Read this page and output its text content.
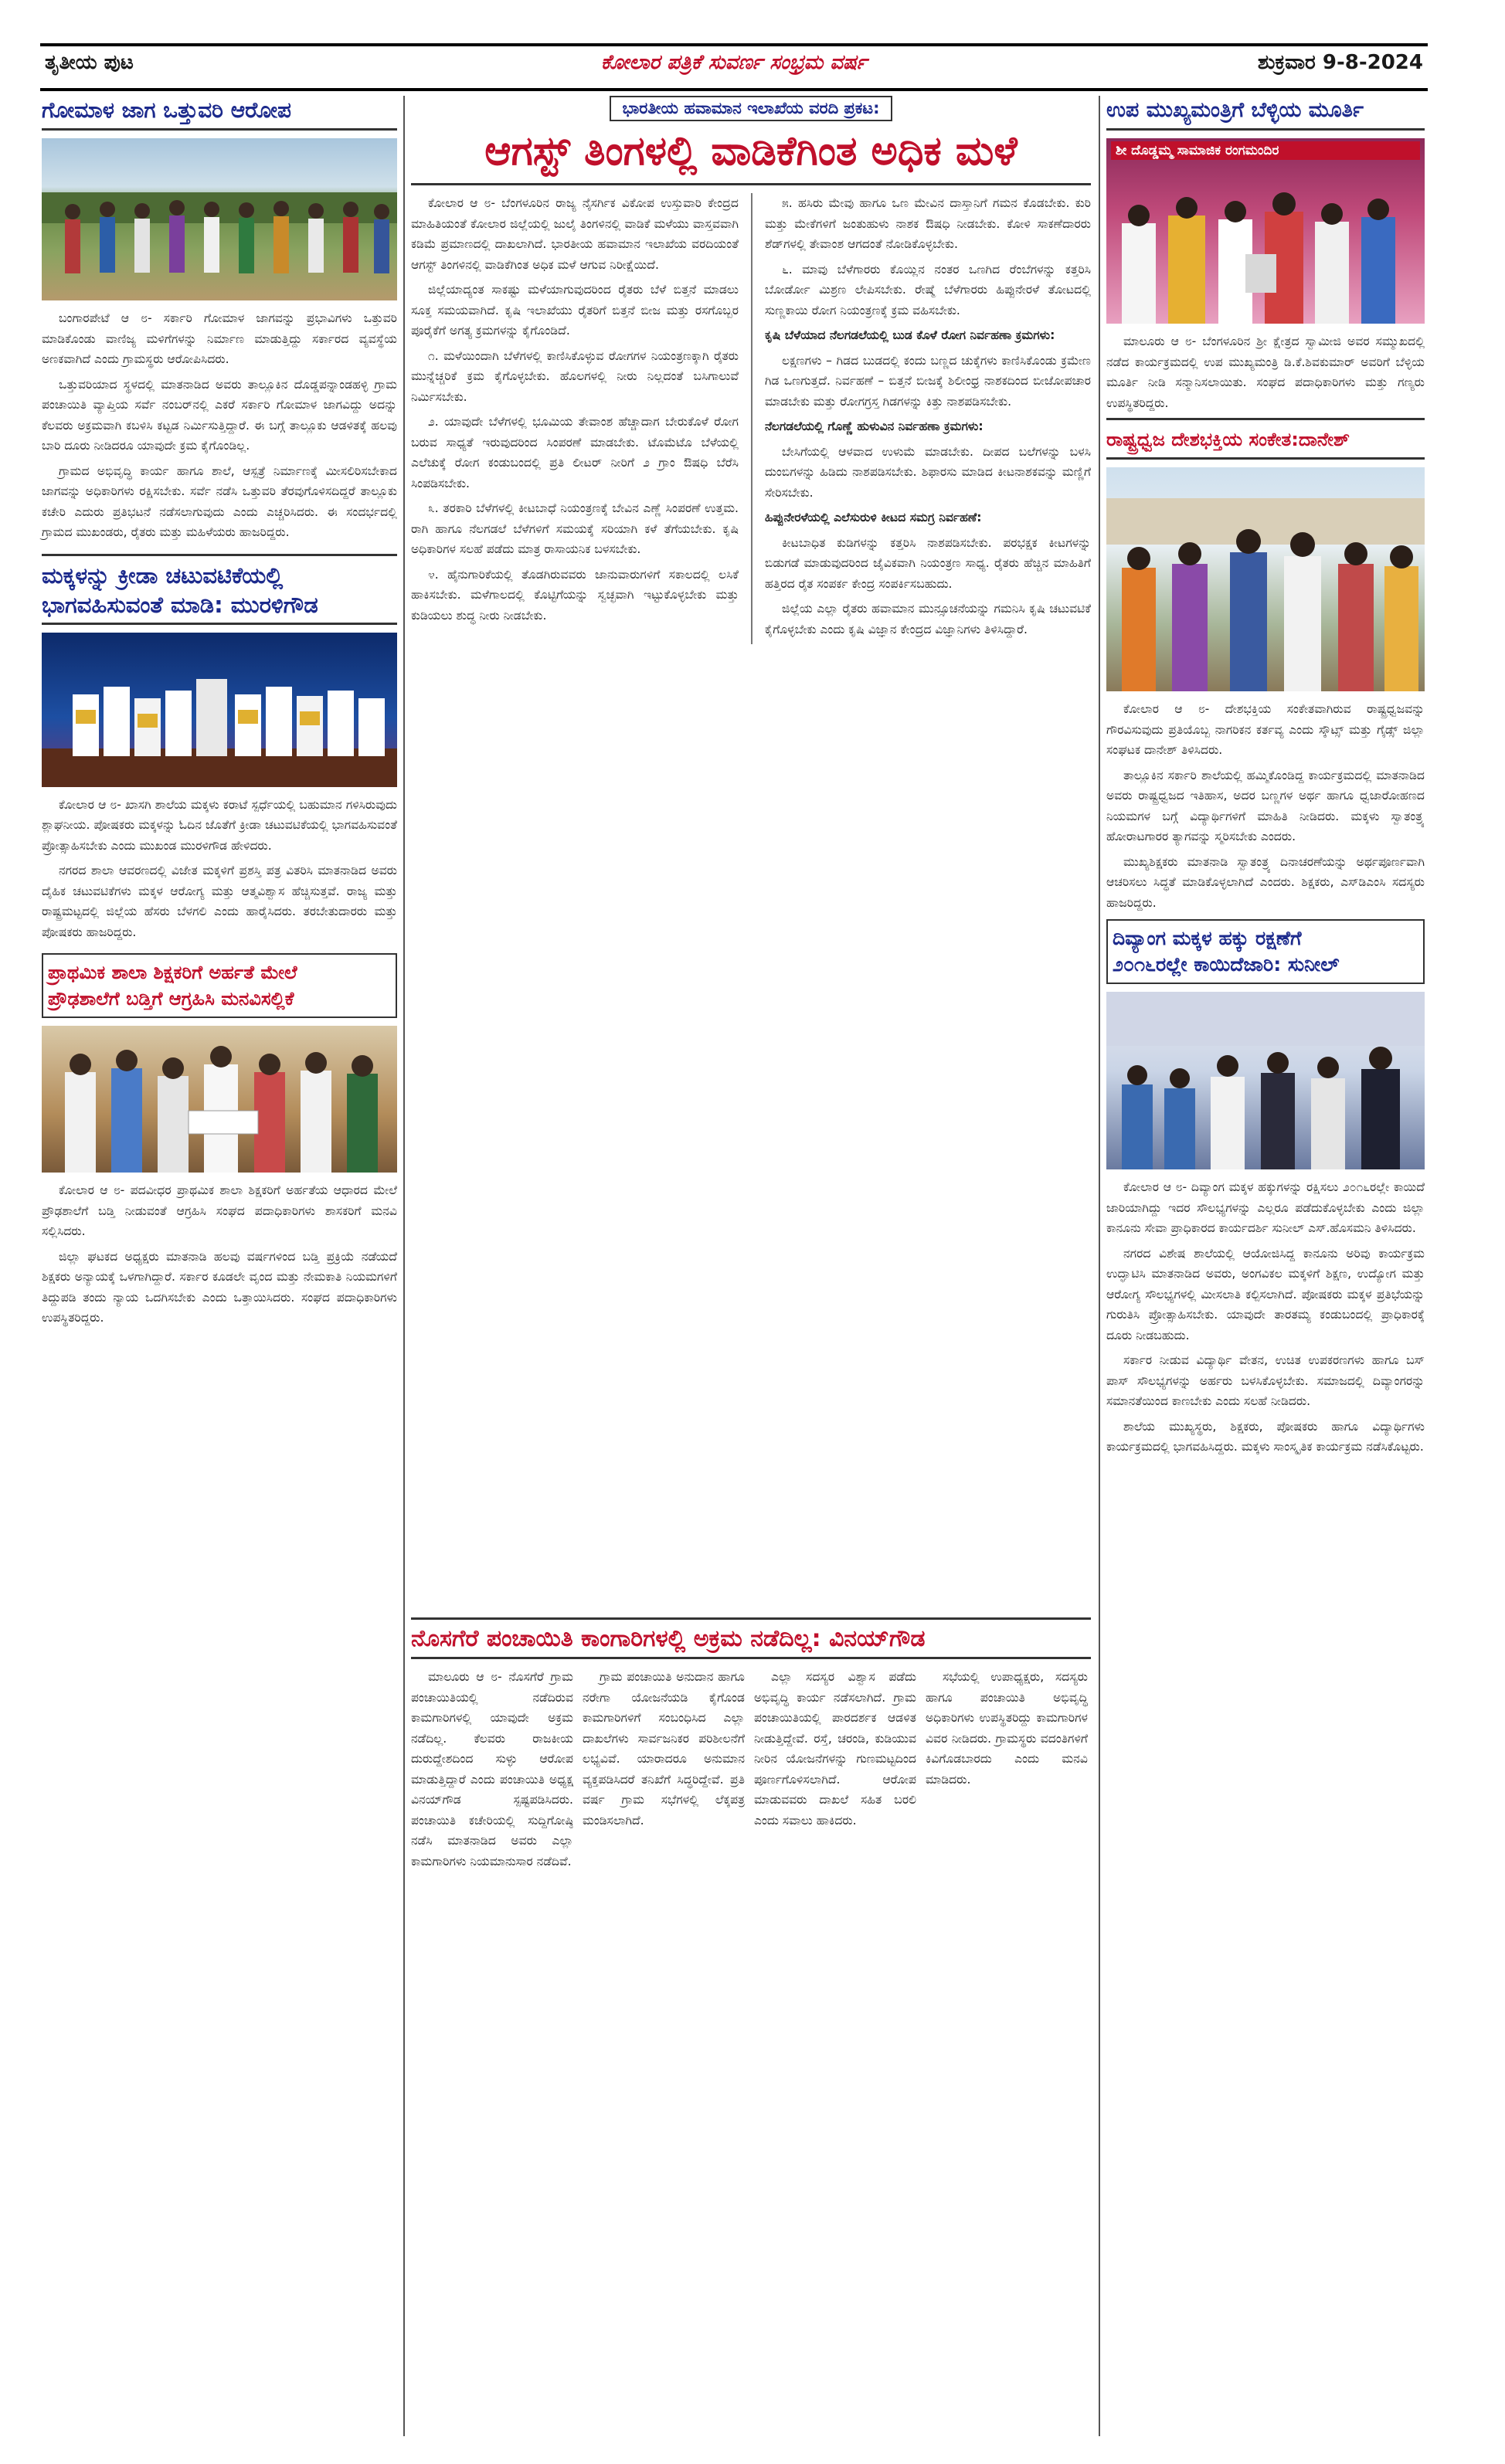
ತೃತೀಯ ಪುಟ	ಕೋಲಾರ ಪತ್ರಿಕೆ ಸುವರ್ಣ ಸಂಭ್ರಮ ವರ್ಷ	ಶುಕ್ರವಾರ 9-8-2024
ಗೋಮಾಳ ಜಾಗ ಒತ್ತುವರಿ ಆರೋಪ

ಬಂಗಾರಪೇಟೆ ಆ ೮- ಸರ್ಕಾರಿ ಗೋಮಾಳ ಜಾಗವನ್ನು ಪ್ರಭಾವಿಗಳು ಒತ್ತುವರಿ ಮಾಡಿಕೊಂಡು ವಾಣಿಜ್ಯ ಮಳಿಗೆಗಳನ್ನು ನಿರ್ಮಾಣ ಮಾಡುತ್ತಿದ್ದು ಸರ್ಕಾರದ ವ್ಯವಸ್ಥೆಯ ಅಣಕವಾಗಿದೆ ಎಂದು ಗ್ರಾಮಸ್ಥರು ಆರೋಪಿಸಿದರು.

ಒತ್ತುವರಿಯಾದ ಸ್ಥಳದಲ್ಲಿ ಮಾತನಾಡಿದ ಅವರು ತಾಲ್ಲೂಕಿನ ದೊಡ್ಡಪನ್ನಾಂಡಹಳ್ಳಿ ಗ್ರಾಮ ಪಂಚಾಯಿತಿ ವ್ಯಾಪ್ತಿಯ ಸರ್ವೆ ನಂಬರ್‌ನಲ್ಲಿ ಎಕರೆ ಸರ್ಕಾರಿ ಗೋಮಾಳ ಜಾಗವಿದ್ದು ಅದನ್ನು ಕೆಲವರು ಅಕ್ರಮವಾಗಿ ಕಬಳಿಸಿ ಕಟ್ಟಡ ನಿರ್ಮಿಸುತ್ತಿದ್ದಾರೆ. ಈ ಬಗ್ಗೆ ತಾಲ್ಲೂಕು ಆಡಳಿತಕ್ಕೆ ಹಲವು ಬಾರಿ ದೂರು ನೀಡಿದರೂ ಯಾವುದೇ ಕ್ರಮ ಕೈಗೊಂಡಿಲ್ಲ.

ಗ್ರಾಮದ ಅಭಿವೃದ್ಧಿ ಕಾರ್ಯ ಹಾಗೂ ಶಾಲೆ, ಆಸ್ಪತ್ರೆ ನಿರ್ಮಾಣಕ್ಕೆ ಮೀಸಲಿರಿಸಬೇಕಾದ ಜಾಗವನ್ನು ಅಧಿಕಾರಿಗಳು ರಕ್ಷಿಸಬೇಕು. ಸರ್ವೆ ನಡೆಸಿ ಒತ್ತುವರಿ ತೆರವುಗೊಳಿಸದಿದ್ದರೆ ತಾಲ್ಲೂಕು ಕಚೇರಿ ಎದುರು ಪ್ರತಿಭಟನೆ ನಡೆಸಲಾಗುವುದು ಎಂದು ಎಚ್ಚರಿಸಿದರು. ಈ ಸಂದರ್ಭದಲ್ಲಿ ಗ್ರಾಮದ ಮುಖಂಡರು, ರೈತರು ಮತ್ತು ಮಹಿಳೆಯರು ಹಾಜರಿದ್ದರು.

ಮಕ್ಕಳನ್ನು ಕ್ರೀಡಾ ಚಟುವಟಿಕೆಯಲ್ಲಿ ಭಾಗವಹಿಸುವಂತೆ ಮಾಡಿ: ಮುರಳಿಗೌಡ

ಕೋಲಾರ ಆ ೮- ಖಾಸಗಿ ಶಾಲೆಯ ಮಕ್ಕಳು ಕರಾಟೆ ಸ್ಪರ್ಧೆಯಲ್ಲಿ ಬಹುಮಾನ ಗಳಿಸಿರುವುದು ಶ್ಲಾಘನೀಯ. ಪೋಷಕರು ಮಕ್ಕಳನ್ನು ಓದಿನ ಜೊತೆಗೆ ಕ್ರೀಡಾ ಚಟುವಟಿಕೆಯಲ್ಲಿ ಭಾಗವಹಿಸುವಂತೆ ಪ್ರೋತ್ಸಾಹಿಸಬೇಕು ಎಂದು ಮುಖಂಡ ಮುರಳಿಗೌಡ ಹೇಳಿದರು.

ನಗರದ ಶಾಲಾ ಆವರಣದಲ್ಲಿ ವಿಜೇತ ಮಕ್ಕಳಿಗೆ ಪ್ರಶಸ್ತಿ ಪತ್ರ ವಿತರಿಸಿ ಮಾತನಾಡಿದ ಅವರು ದೈಹಿಕ ಚಟುವಟಿಕೆಗಳು ಮಕ್ಕಳ ಆರೋಗ್ಯ ಮತ್ತು ಆತ್ಮವಿಶ್ವಾಸ ಹೆಚ್ಚಿಸುತ್ತವೆ. ರಾಜ್ಯ ಮತ್ತು ರಾಷ್ಟ್ರಮಟ್ಟದಲ್ಲಿ ಜಿಲ್ಲೆಯ ಹೆಸರು ಬೆಳಗಲಿ ಎಂದು ಹಾರೈಸಿದರು. ತರಬೇತುದಾರರು ಮತ್ತು ಪೋಷಕರು ಹಾಜರಿದ್ದರು.

ಪ್ರಾಥಮಿಕ ಶಾಲಾ ಶಿಕ್ಷಕರಿಗೆ ಅರ್ಹತೆ ಮೇಲೆ
ಪ್ರೌಢಶಾಲೆಗೆ ಬಡ್ತಿಗೆ ಆಗ್ರಹಿಸಿ ಮನವಿಸಲ್ಲಿಕೆ

ಕೋಲಾರ ಆ ೮- ಪದವೀಧರ ಪ್ರಾಥಮಿಕ ಶಾಲಾ ಶಿಕ್ಷಕರಿಗೆ ಅರ್ಹತೆಯ ಆಧಾರದ ಮೇಲೆ ಪ್ರೌಢಶಾಲೆಗೆ ಬಡ್ತಿ ನೀಡುವಂತೆ ಆಗ್ರಹಿಸಿ ಸಂಘದ ಪದಾಧಿಕಾರಿಗಳು ಶಾಸಕರಿಗೆ ಮನವಿ ಸಲ್ಲಿಸಿದರು.

ಜಿಲ್ಲಾ ಘಟಕದ ಅಧ್ಯಕ್ಷರು ಮಾತನಾಡಿ ಹಲವು ವರ್ಷಗಳಿಂದ ಬಡ್ತಿ ಪ್ರಕ್ರಿಯೆ ನಡೆಯದೆ ಶಿಕ್ಷಕರು ಅನ್ಯಾಯಕ್ಕೆ ಒಳಗಾಗಿದ್ದಾರೆ. ಸರ್ಕಾರ ಕೂಡಲೇ ವೃಂದ ಮತ್ತು ನೇಮಕಾತಿ ನಿಯಮಗಳಿಗೆ ತಿದ್ದುಪಡಿ ತಂದು ನ್ಯಾಯ ಒದಗಿಸಬೇಕು ಎಂದು ಒತ್ತಾಯಿಸಿದರು. ಸಂಘದ ಪದಾಧಿಕಾರಿಗಳು ಉಪಸ್ಥಿತರಿದ್ದರು.

ಭಾರತೀಯ ಹವಾಮಾನ ಇಲಾಖೆಯ ವರದಿ ಪ್ರಕಟ:
ಆಗಸ್ಟ್ ತಿಂಗಳಲ್ಲಿ ವಾಡಿಕೆಗಿಂತ ಅಧಿಕ ಮಳೆ

ಕೋಲಾರ ಆ ೮- ಬೆಂಗಳೂರಿನ ರಾಜ್ಯ ನೈಸರ್ಗಿಕ ವಿಕೋಪ ಉಸ್ತುವಾರಿ ಕೇಂದ್ರದ ಮಾಹಿತಿಯಂತೆ ಕೋಲಾರ ಜಿಲ್ಲೆಯಲ್ಲಿ ಜುಲೈ ತಿಂಗಳಿನಲ್ಲಿ ವಾಡಿಕೆ ಮಳೆಯು ವಾಸ್ತವವಾಗಿ ಕಡಿಮೆ ಪ್ರಮಾಣದಲ್ಲಿ ದಾಖಲಾಗಿದೆ. ಭಾರತೀಯ ಹವಾಮಾನ ಇಲಾಖೆಯ ವರದಿಯಂತೆ ಆಗಸ್ಟ್ ತಿಂಗಳಿನಲ್ಲಿ ವಾಡಿಕೆಗಿಂತ ಅಧಿಕ ಮಳೆ ಆಗುವ ನಿರೀಕ್ಷೆಯಿದೆ.

ಜಿಲ್ಲೆಯಾದ್ಯಂತ ಸಾಕಷ್ಟು ಮಳೆಯಾಗುವುದರಿಂದ ರೈತರು ಬೆಳೆ ಬಿತ್ತನೆ ಮಾಡಲು ಸೂಕ್ತ ಸಮಯವಾಗಿದೆ. ಕೃಷಿ ಇಲಾಖೆಯು ರೈತರಿಗೆ ಬಿತ್ತನೆ ಬೀಜ ಮತ್ತು ರಸಗೊಬ್ಬರ ಪೂರೈಕೆಗೆ ಅಗತ್ಯ ಕ್ರಮಗಳನ್ನು ಕೈಗೊಂಡಿದೆ.

೧. ಮಳೆಯಿಂದಾಗಿ ಬೆಳೆಗಳಲ್ಲಿ ಕಾಣಿಸಿಕೊಳ್ಳುವ ರೋಗಗಳ ನಿಯಂತ್ರಣಕ್ಕಾಗಿ ರೈತರು ಮುನ್ನೆಚ್ಚರಿಕೆ ಕ್ರಮ ಕೈಗೊಳ್ಳಬೇಕು. ಹೊಲಗಳಲ್ಲಿ ನೀರು ನಿಲ್ಲದಂತೆ ಬಸಿಗಾಲುವೆ ನಿರ್ಮಿಸಬೇಕು.

೨. ಯಾವುದೇ ಬೆಳೆಗಳಲ್ಲಿ ಭೂಮಿಯ ತೇವಾಂಶ ಹೆಚ್ಚಾದಾಗ ಬೇರುಕೊಳೆ ರೋಗ ಬರುವ ಸಾಧ್ಯತೆ ಇರುವುದರಿಂದ ಸಿಂಪರಣೆ ಮಾಡಬೇಕು. ಟೊಮೆಟೊ ಬೆಳೆಯಲ್ಲಿ ಎಲೆಚುಕ್ಕೆ ರೋಗ ಕಂಡುಬಂದಲ್ಲಿ ಪ್ರತಿ ಲೀಟರ್ ನೀರಿಗೆ ೨ ಗ್ರಾಂ ಔಷಧಿ ಬೆರೆಸಿ ಸಿಂಪಡಿಸಬೇಕು.

೩. ತರಕಾರಿ ಬೆಳೆಗಳಲ್ಲಿ ಕೀಟಬಾಧೆ ನಿಯಂತ್ರಣಕ್ಕೆ ಬೇವಿನ ಎಣ್ಣೆ ಸಿಂಪರಣೆ ಉತ್ತಮ. ರಾಗಿ ಹಾಗೂ ನೆಲಗಡಲೆ ಬೆಳೆಗಳಿಗೆ ಸಮಯಕ್ಕೆ ಸರಿಯಾಗಿ ಕಳೆ ತೆಗೆಯಬೇಕು. ಕೃಷಿ ಅಧಿಕಾರಿಗಳ ಸಲಹೆ ಪಡೆದು ಮಾತ್ರ ರಾಸಾಯನಿಕ ಬಳಸಬೇಕು.

೪. ಹೈನುಗಾರಿಕೆಯಲ್ಲಿ ತೊಡಗಿರುವವರು ಜಾನುವಾರುಗಳಿಗೆ ಸಕಾಲದಲ್ಲಿ ಲಸಿಕೆ ಹಾಕಿಸಬೇಕು. ಮಳೆಗಾಲದಲ್ಲಿ ಕೊಟ್ಟಿಗೆಯನ್ನು ಸ್ವಚ್ಛವಾಗಿ ಇಟ್ಟುಕೊಳ್ಳಬೇಕು ಮತ್ತು ಕುಡಿಯಲು ಶುದ್ಧ ನೀರು ನೀಡಬೇಕು.

೫. ಹಸಿರು ಮೇವು ಹಾಗೂ ಒಣ ಮೇವಿನ ದಾಸ್ತಾನಿಗೆ ಗಮನ ಕೊಡಬೇಕು. ಕುರಿ ಮತ್ತು ಮೇಕೆಗಳಿಗೆ ಜಂತುಹುಳು ನಾಶಕ ಔಷಧಿ ನೀಡಬೇಕು. ಕೋಳಿ ಸಾಕಣೆದಾರರು ಶೆಡ್‌ಗಳಲ್ಲಿ ತೇವಾಂಶ ಆಗದಂತೆ ನೋಡಿಕೊಳ್ಳಬೇಕು.

೬. ಮಾವು ಬೆಳೆಗಾರರು ಕೊಯ್ಲಿನ ನಂತರ ಒಣಗಿದ ರೆಂಬೆಗಳನ್ನು ಕತ್ತರಿಸಿ ಬೋರ್ಡೋ ಮಿಶ್ರಣ ಲೇಪಿಸಬೇಕು. ರೇಷ್ಮೆ ಬೆಳೆಗಾರರು ಹಿಪ್ಪುನೇರಳೆ ತೋಟದಲ್ಲಿ ಸುಣ್ಣಕಾಯಿ ರೋಗ ನಿಯಂತ್ರಣಕ್ಕೆ ಕ್ರಮ ವಹಿಸಬೇಕು.

ಕೃಷಿ ಬೆಳೆಯಾದ ನೆಲಗಡಲೆಯಲ್ಲಿ ಬುಡ ಕೊಳೆ ರೋಗ ನಿರ್ವಹಣಾ ಕ್ರಮಗಳು:

ಲಕ್ಷಣಗಳು – ಗಿಡದ ಬುಡದಲ್ಲಿ ಕಂದು ಬಣ್ಣದ ಚುಕ್ಕೆಗಳು ಕಾಣಿಸಿಕೊಂಡು ಕ್ರಮೇಣ ಗಿಡ ಒಣಗುತ್ತದೆ. ನಿರ್ವಹಣೆ – ಬಿತ್ತನೆ ಬೀಜಕ್ಕೆ ಶಿಲೀಂಧ್ರ ನಾಶಕದಿಂದ ಬೀಜೋಪಚಾರ ಮಾಡಬೇಕು ಮತ್ತು ರೋಗಗ್ರಸ್ತ ಗಿಡಗಳನ್ನು ಕಿತ್ತು ನಾಶಪಡಿಸಬೇಕು.

ನೆಲಗಡಲೆಯಲ್ಲಿ ಗೊಣ್ಣೆ ಹುಳುವಿನ ನಿರ್ವಹಣಾ ಕ್ರಮಗಳು:

ಬೇಸಿಗೆಯಲ್ಲಿ ಆಳವಾದ ಉಳುಮೆ ಮಾಡಬೇಕು. ದೀಪದ ಬಲೆಗಳನ್ನು ಬಳಸಿ ದುಂಬಿಗಳನ್ನು ಹಿಡಿದು ನಾಶಪಡಿಸಬೇಕು. ಶಿಫಾರಸು ಮಾಡಿದ ಕೀಟನಾಶಕವನ್ನು ಮಣ್ಣಿಗೆ ಸೇರಿಸಬೇಕು.

ಹಿಪ್ಪುನೇರಳೆಯಲ್ಲಿ ಎಲೆಸುರುಳಿ ಕೀಟದ ಸಮಗ್ರ ನಿರ್ವಹಣೆ:

ಕೀಟಬಾಧಿತ ಕುಡಿಗಳನ್ನು ಕತ್ತರಿಸಿ ನಾಶಪಡಿಸಬೇಕು. ಪರಭಕ್ಷಕ ಕೀಟಗಳನ್ನು ಬಿಡುಗಡೆ ಮಾಡುವುದರಿಂದ ಜೈವಿಕವಾಗಿ ನಿಯಂತ್ರಣ ಸಾಧ್ಯ. ರೈತರು ಹೆಚ್ಚಿನ ಮಾಹಿತಿಗೆ ಹತ್ತಿರದ ರೈತ ಸಂಪರ್ಕ ಕೇಂದ್ರ ಸಂಪರ್ಕಿಸಬಹುದು.

ಜಿಲ್ಲೆಯ ಎಲ್ಲಾ ರೈತರು ಹವಾಮಾನ ಮುನ್ಸೂಚನೆಯನ್ನು ಗಮನಿಸಿ ಕೃಷಿ ಚಟುವಟಿಕೆ ಕೈಗೊಳ್ಳಬೇಕು ಎಂದು ಕೃಷಿ ವಿಜ್ಞಾನ ಕೇಂದ್ರದ ವಿಜ್ಞಾನಿಗಳು ತಿಳಿಸಿದ್ದಾರೆ.

ನೊಸಗೆರೆ ಪಂಚಾಯಿತಿ ಕಾಂಗಾರಿಗಳಲ್ಲಿ ಅಕ್ರಮ ನಡೆದಿಲ್ಲ: ವಿನಯ್‌ಗೌಡ

ಮಾಲೂರು ಆ ೮- ನೊಸಗೆರೆ ಗ್ರಾಮ ಪಂಚಾಯಿತಿಯಲ್ಲಿ ನಡೆದಿರುವ ಕಾಮಗಾರಿಗಳಲ್ಲಿ ಯಾವುದೇ ಅಕ್ರಮ ನಡೆದಿಲ್ಲ. ಕೆಲವರು ರಾಜಕೀಯ ದುರುದ್ದೇಶದಿಂದ ಸುಳ್ಳು ಆರೋಪ ಮಾಡುತ್ತಿದ್ದಾರೆ ಎಂದು ಪಂಚಾಯಿತಿ ಅಧ್ಯಕ್ಷ ವಿನಯ್‌ಗೌಡ ಸ್ಪಷ್ಟಪಡಿಸಿದರು. ಪಂಚಾಯಿತಿ ಕಚೇರಿಯಲ್ಲಿ ಸುದ್ದಿಗೋಷ್ಠಿ ನಡೆಸಿ ಮಾತನಾಡಿದ ಅವರು ಎಲ್ಲಾ ಕಾಮಗಾರಿಗಳು ನಿಯಮಾನುಸಾರ ನಡೆದಿವೆ.

ಗ್ರಾಮ ಪಂಚಾಯಿತಿ ಅನುದಾನ ಹಾಗೂ ನರೇಗಾ ಯೋಜನೆಯಡಿ ಕೈಗೊಂಡ ಕಾಮಗಾರಿಗಳಿಗೆ ಸಂಬಂಧಿಸಿದ ಎಲ್ಲಾ ದಾಖಲೆಗಳು ಸಾರ್ವಜನಿಕರ ಪರಿಶೀಲನೆಗೆ ಲಭ್ಯವಿವೆ. ಯಾರಾದರೂ ಅನುಮಾನ ವ್ಯಕ್ತಪಡಿಸಿದರೆ ತನಿಖೆಗೆ ಸಿದ್ಧರಿದ್ದೇವೆ. ಪ್ರತಿ ವರ್ಷ ಗ್ರಾಮ ಸಭೆಗಳಲ್ಲಿ ಲೆಕ್ಕಪತ್ರ ಮಂಡಿಸಲಾಗಿದೆ.

ಎಲ್ಲಾ ಸದಸ್ಯರ ವಿಶ್ವಾಸ ಪಡೆದು ಅಭಿವೃದ್ಧಿ ಕಾರ್ಯ ನಡೆಸಲಾಗಿದೆ. ಗ್ರಾಮ ಪಂಚಾಯಿತಿಯಲ್ಲಿ ಪಾರದರ್ಶಕ ಆಡಳಿತ ನೀಡುತ್ತಿದ್ದೇವೆ. ರಸ್ತೆ, ಚರಂಡಿ, ಕುಡಿಯುವ ನೀರಿನ ಯೋಜನೆಗಳನ್ನು ಗುಣಮಟ್ಟದಿಂದ ಪೂರ್ಣಗೊಳಿಸಲಾಗಿದೆ. ಆರೋಪ ಮಾಡುವವರು ದಾಖಲೆ ಸಹಿತ ಬರಲಿ ಎಂದು ಸವಾಲು ಹಾಕಿದರು.

ಸಭೆಯಲ್ಲಿ ಉಪಾಧ್ಯಕ್ಷರು, ಸದಸ್ಯರು ಹಾಗೂ ಪಂಚಾಯಿತಿ ಅಭಿವೃದ್ಧಿ ಅಧಿಕಾರಿಗಳು ಉಪಸ್ಥಿತರಿದ್ದು ಕಾಮಗಾರಿಗಳ ವಿವರ ನೀಡಿದರು. ಗ್ರಾಮಸ್ಥರು ವದಂತಿಗಳಿಗೆ ಕಿವಿಗೊಡಬಾರದು ಎಂದು ಮನವಿ ಮಾಡಿದರು.

ಉಪ ಮುಖ್ಯಮಂತ್ರಿಗೆ ಬೆಳ್ಳಿಯ ಮೂರ್ತಿ
ಶೀ ದೊಡ್ಡಮ್ಮ ಸಾಮಾಜಿಕ ರಂಗಮಂದಿರ

ಮಾಲೂರು ಆ ೮- ಬೆಂಗಳೂರಿನ ಶ್ರೀ ಕ್ಷೇತ್ರದ ಸ್ವಾಮೀಜಿ ಅವರ ಸಮ್ಮುಖದಲ್ಲಿ ನಡೆದ ಕಾರ್ಯಕ್ರಮದಲ್ಲಿ ಉಪ ಮುಖ್ಯಮಂತ್ರಿ ಡಿ.ಕೆ.ಶಿವಕುಮಾರ್ ಅವರಿಗೆ ಬೆಳ್ಳಿಯ ಮೂರ್ತಿ ನೀಡಿ ಸನ್ಮಾನಿಸಲಾಯಿತು. ಸಂಘದ ಪದಾಧಿಕಾರಿಗಳು ಮತ್ತು ಗಣ್ಯರು ಉಪಸ್ಥಿತರಿದ್ದರು.

ರಾಷ್ಟ್ರಧ್ವಜ ದೇಶಭಕ್ತಿಯ ಸಂಕೇತ:ದಾನೇಶ್

ಕೋಲಾರ ಆ ೮- ದೇಶಭಕ್ತಿಯ ಸಂಕೇತವಾಗಿರುವ ರಾಷ್ಟ್ರಧ್ವಜವನ್ನು ಗೌರವಿಸುವುದು ಪ್ರತಿಯೊಬ್ಬ ನಾಗರಿಕನ ಕರ್ತವ್ಯ ಎಂದು ಸ್ಕೌಟ್ಸ್ ಮತ್ತು ಗೈಡ್ಸ್ ಜಿಲ್ಲಾ ಸಂಘಟಕ ದಾನೇಶ್ ತಿಳಿಸಿದರು.

ತಾಲ್ಲೂಕಿನ ಸರ್ಕಾರಿ ಶಾಲೆಯಲ್ಲಿ ಹಮ್ಮಿಕೊಂಡಿದ್ದ ಕಾರ್ಯಕ್ರಮದಲ್ಲಿ ಮಾತನಾಡಿದ ಅವರು ರಾಷ್ಟ್ರಧ್ವಜದ ಇತಿಹಾಸ, ಅದರ ಬಣ್ಣಗಳ ಅರ್ಥ ಹಾಗೂ ಧ್ವಜಾರೋಹಣದ ನಿಯಮಗಳ ಬಗ್ಗೆ ವಿದ್ಯಾರ್ಥಿಗಳಿಗೆ ಮಾಹಿತಿ ನೀಡಿದರು. ಮಕ್ಕಳು ಸ್ವಾತಂತ್ರ್ಯ ಹೋರಾಟಗಾರರ ತ್ಯಾಗವನ್ನು ಸ್ಮರಿಸಬೇಕು ಎಂದರು.

ಮುಖ್ಯಶಿಕ್ಷಕರು ಮಾತನಾಡಿ ಸ್ವಾತಂತ್ರ್ಯ ದಿನಾಚರಣೆಯನ್ನು ಅರ್ಥಪೂರ್ಣವಾಗಿ ಆಚರಿಸಲು ಸಿದ್ಧತೆ ಮಾಡಿಕೊಳ್ಳಲಾಗಿದೆ ಎಂದರು. ಶಿಕ್ಷಕರು, ಎಸ್‌ಡಿಎಂಸಿ ಸದಸ್ಯರು ಹಾಜರಿದ್ದರು.

ದಿವ್ಯಾಂಗ ಮಕ್ಕಳ ಹಕ್ಕು ರಕ್ಷಣೆಗೆ
೨೦೧೬ರಲ್ಲೇ ಕಾಯಿದೆಜಾರಿ: ಸುನೀಲ್

ಕೋಲಾರ ಆ ೮- ದಿವ್ಯಾಂಗ ಮಕ್ಕಳ ಹಕ್ಕುಗಳನ್ನು ರಕ್ಷಿಸಲು ೨೦೧೬ರಲ್ಲೇ ಕಾಯಿದೆ ಜಾರಿಯಾಗಿದ್ದು ಇದರ ಸೌಲಭ್ಯಗಳನ್ನು ಎಲ್ಲರೂ ಪಡೆದುಕೊಳ್ಳಬೇಕು ಎಂದು ಜಿಲ್ಲಾ ಕಾನೂನು ಸೇವಾ ಪ್ರಾಧಿಕಾರದ ಕಾರ್ಯದರ್ಶಿ ಸುನೀಲ್ ಎಸ್.ಹೊಸಮನಿ ತಿಳಿಸಿದರು.

ನಗರದ ವಿಶೇಷ ಶಾಲೆಯಲ್ಲಿ ಆಯೋಜಿಸಿದ್ದ ಕಾನೂನು ಅರಿವು ಕಾರ್ಯಕ್ರಮ ಉದ್ಘಾಟಿಸಿ ಮಾತನಾಡಿದ ಅವರು, ಅಂಗವಿಕಲ ಮಕ್ಕಳಿಗೆ ಶಿಕ್ಷಣ, ಉದ್ಯೋಗ ಮತ್ತು ಆರೋಗ್ಯ ಸೌಲಭ್ಯಗಳಲ್ಲಿ ಮೀಸಲಾತಿ ಕಲ್ಪಿಸಲಾಗಿದೆ. ಪೋಷಕರು ಮಕ್ಕಳ ಪ್ರತಿಭೆಯನ್ನು ಗುರುತಿಸಿ ಪ್ರೋತ್ಸಾಹಿಸಬೇಕು. ಯಾವುದೇ ತಾರತಮ್ಯ ಕಂಡುಬಂದಲ್ಲಿ ಪ್ರಾಧಿಕಾರಕ್ಕೆ ದೂರು ನೀಡಬಹುದು.

ಸರ್ಕಾರ ನೀಡುವ ವಿದ್ಯಾರ್ಥಿ ವೇತನ, ಉಚಿತ ಉಪಕರಣಗಳು ಹಾಗೂ ಬಸ್ ಪಾಸ್ ಸೌಲಭ್ಯಗಳನ್ನು ಅರ್ಹರು ಬಳಸಿಕೊಳ್ಳಬೇಕು. ಸಮಾಜದಲ್ಲಿ ದಿವ್ಯಾಂಗರನ್ನು ಸಮಾನತೆಯಿಂದ ಕಾಣಬೇಕು ಎಂದು ಸಲಹೆ ನೀಡಿದರು.

ಶಾಲೆಯ ಮುಖ್ಯಸ್ಥರು, ಶಿಕ್ಷಕರು, ಪೋಷಕರು ಹಾಗೂ ವಿದ್ಯಾರ್ಥಿಗಳು ಕಾರ್ಯಕ್ರಮದಲ್ಲಿ ಭಾಗವಹಿಸಿದ್ದರು. ಮಕ್ಕಳು ಸಾಂಸ್ಕೃತಿಕ ಕಾರ್ಯಕ್ರಮ ನಡೆಸಿಕೊಟ್ಟರು.
